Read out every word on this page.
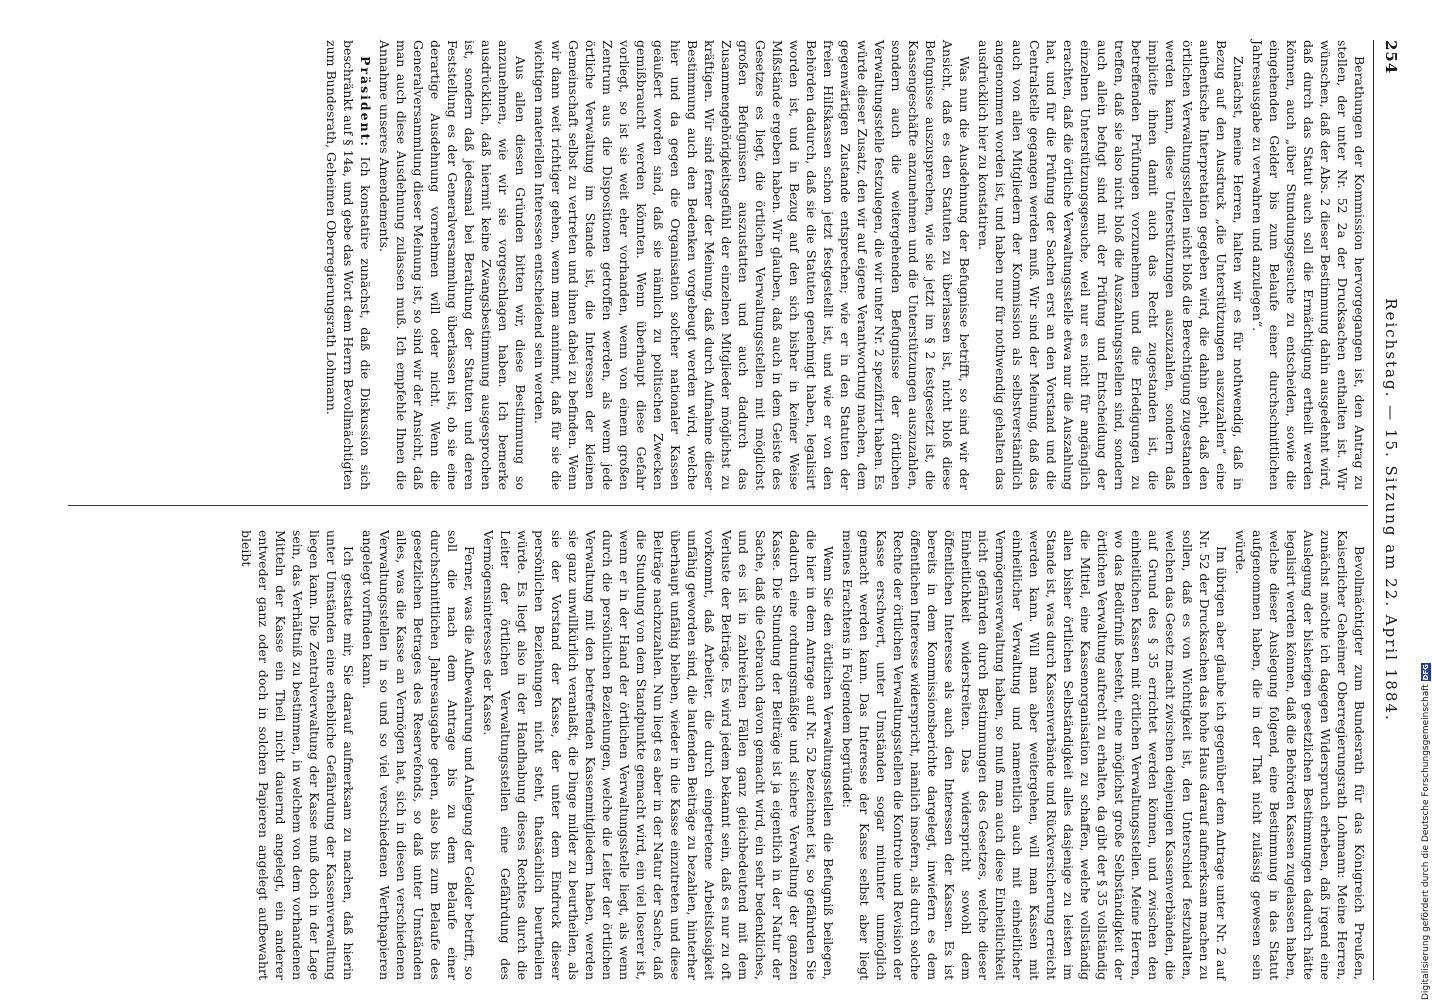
254
Reichstag. — 15. Sitzung am 22. April 1884.

Berathungen der Kommission hervorgegangen ist, den Antrag zu stellen, der unter Nr. 52 2a der Drucksachen enthalten ist. Wir wünschen, daß der Abs. 2 dieser Bestimmung dahin ausgedehnt wird, daß durch das Statut auch soll die Ermächtigung ertheilt werden können, auch „über Stundungsgesuche zu entscheiden, sowie die eingehenden Gelder bis zum Belaufe einer durchschnittlichen Jahresausgabe zu verwahren und anzulegen“.

Zunächst, meine Herren, halten wir es für nothwendig, daß in Bezug auf den Ausdruck „die Unterstützungen auszuzahlen“ eine authentische Interpretation gegeben wird, die dahin geht, daß den örtlichen Verwaltungsstellen nicht bloß die Berechtigung zugestanden werden kann, diese Unterstützungen auszuzahlen, sondern daß implicite ihnen damit auch das Recht zugestanden ist, die betreffenden Prüfungen vorzunehmen und die Erledigungen zu treffen, daß sie also nicht bloß die Auszahlungsstellen sind, sondern auch allein befugt sind mit der Prüfung und Entscheidung der einzelnen Unterstützungsgesuche, weil nur es nicht für angänglich erachten, daß die örtliche Verwaltungsstelle etwa nur die Auszahlung hat, und für die Prüfung der Sachen erst an den Vorstand und die Centralstelle gegangen werden muß. Wir sind der Meinung, daß das auch von allen Mitgliedern der Kommission als selbstverständlich angenommen worden ist, und haben nur für nothwendig gehalten das ausdrücklich hier zu konstatiren.

Was nun die Ausdehnung der Befugnisse betrifft, so sind wir der Ansicht, daß es den Statuten zu überlassen ist, nicht bloß diese Befugnisse auszusprechen, wie sie jetzt im § 2 festgesetzt ist, die Kassengeschäfte anzunehmen und die Unterstützungen auszuzahlen, sondern auch die weitergehenden Befugnisse der örtlichen Verwaltungsstelle festzulegen, die wir unter Nr. 2 spezifizirt haben. Es würde dieser Zusatz, den wir auf eigene Verantwortung machen, dem gegenwärtigen Zustande entsprechen; wie er in den Statuten der freien Hilfskassen schon jetzt festgestellt ist, und wie er von den Behörden dadurch, daß sie die Statuten genehmigt haben, legalisirt worden ist, und in Bezug auf den sich bisher in keiner Weise Mißstände ergeben haben. Wir glauben, daß auch in dem Geiste des Gesetzes es liegt, die örtlichen Verwaltungsstellen mit möglichst großen Befugnissen auszustatten und auch dadurch das Zusammengehörigkeitsgefühl der einzelnen Mitglieder möglichst zu kräftigen. Wir sind ferner der Meinung, daß durch Aufnahme dieser Bestimmung auch den Bedenken vorgebeugt werden wird, welche hier und da gegen die Organisation solcher nationaler Kassen geäußert worden sind, daß sie nämlich zu politischen Zwecken gemißbraucht werden könnten. Wenn überhaupt diese Gefahr vorliegt, so ist sie weit eher vorhanden, wenn von einem großen Zentrum aus die Dispositionen getroffen werden, als wenn jede örtliche Verwaltung im Stande ist, die Interessen der kleinen Gemeinschaft selbst zu vertreten und ihnen dabei zu befinden. Wenn wir dann weit richtiger gehen, wenn man annimmt, daß für sie die wichtigen materiellen Interessen entscheidend sein werden.

Aus allen diesen Gründen bitten wir, diese Bestimmung so anzunehmen, wie wir sie vorgeschlagen haben. Ich bemerke ausdrücklich, daß hiermit keine Zwangsbestimmung ausgesprochen ist, sondern daß jedesmal bei Berathung der Statuten und deren Feststellung es der Generalversammlung überlassen ist, ob sie eine derartige Ausdehnung vornehmen will oder nicht. Wenn die Generalversammlung dieser Meinung ist, so sind wir der Ansicht, daß man auch diese Ausdehnung zulassen muß. Ich empfehle Ihnen die Annahme unseres Amendements.

Präsident: Ich konstatire zunächst, daß die Diskussion sich beschränkt auf § 14a, und gebe das Wort dem Herrn Bevollmächtigten zum Bundesrath, Geheimen Oberregierungsrath Lohmann.

Bevollmächtigter zum Bundesrath für das Königreich Preußen, Kaiserlicher Geheimer Oberregierungsrath Lohmann: Meine Herren, zunächst möchte ich dagegen Widerspruch erheben, daß irgend eine Auslegung der bisherigen gesetzlichen Bestimmungen dadurch hätte legalisirt werden können, daß die Behörden Kassen zugelassen haben, welche dieser Auslegung folgend, eine Bestimmung in das Statut aufgenommen haben, die in der That nicht zulässig gewesen sein würde.

Im übrigen aber glaube ich gegenüber dem Antrage unter Nr. 2 auf Nr. 52 der Drucksachen das hohe Haus darauf aufmerksam machen zu sollen, daß es von Wichtigkeit ist, den Unterschied festzuhalten, welchen das Gesetz macht zwischen denjenigen Kassenverbänden, die auf Grund des § 35 errichtet werden können, und zwischen den einheitlichen Kassen mit örtlichen Verwaltungsstellen. Meine Herren, wo das Bedürfniß besteht, eine möglichst große Selbständigkeit der örtlichen Verwaltung aufrecht zu erhalten, da gibt der § 35 vollständig die Mittel, eine Kassenorganisation zu schaffen, welche vollständig allen bisher örtlichen Selbständigkeit alles dasjenige zu leisten im Stande ist, was durch Kassenverbände und Rückversicherung erreicht werden kann. Will man aber weitergehen, will man Kassen mit einheitlicher Verwaltung und namentlich auch mit einheitlicher Vermögensverwaltung haben, so muß man auch diese Einheitlichkeit nicht gefährden durch Bestimmungen des Gesetzes, welche dieser Einheitlichkeit widerstreiten. Das widerspricht sowohl dem öffentlichen Interesse als auch den Interessen der Kassen. Es ist bereits in dem Kommissionsberichte dargelegt, inwiefern es dem öffentlichen Interesse widerspricht, nämlich insofern, als durch solche Rechte der örtlichen Verwaltungsstellen die Kontrole und Revision der Kasse erschwert, unter Umständen sogar mitunter unmöglich gemacht werden kann. Das Interesse der Kasse selbst aber liegt meines Erachtens in Folgendem begründet:

Wenn Sie den örtlichen Verwaltungsstellen die Befugniß beilegen, die hier in dem Antrage auf Nr. 52 bezeichnet ist, so gefährden Sie dadurch eine ordnungsmäßige und sichere Verwaltung der ganzen Kasse. Die Stundung der Beiträge ist ja eigentlich in der Natur der Sache, daß die Gebrauch davon gemacht wird, ein sehr bedenkliches, und es ist in zahlreichen Fällen ganz gleichbedeutend mit dem Verluste der Beiträge. Es wird jedem bekannt sein, daß es nur zu oft vorkommt, daß Arbeiter, die durch eingetretene Arbeitslosigkeit unfähig geworden sind, die laufenden Beiträge zu bezahlen, hinterher überhaupt unfähig bleiben, wieder in die Kasse einzutreten und diese Beiträge nachzuzahlen. Nun liegt es aber in der Natur der Sache, daß die Stundung von dem Standpunkte gemacht wird, ein viel loserer ist, wenn er in der Hand der örtlichen Verwaltungsstelle liegt, als wenn durch die persönlichen Beziehungen, welche die Leiter der örtlichen Verwaltung mit den betreffenden Kassenmitgliedern haben, werden sie ganz unwillkürlich veranlaßt, die Dinge milder zu beurtheilen, als sie der Vorstand der Kasse, der unter dem Eindruck dieser persönlichen Beziehungen nicht steht, thatsächlich beurtheilen würde. Es liegt also in der Handhabung dieses Rechtes durch die Leiter der örtlichen Verwaltungsstellen eine Gefährdung des Vermögensinteresses der Kasse.

Ferner, was die Aufbewahrung und Anlegung der Gelder betrifft, so soll die nach dem Antrage bis zu dem Belaufe einer durchschnittlichen Jahresausgabe gehen, also bis zum Belaufe des gesetzlichen Betrages des Reservefonds, so daß unter Umständen alles, was die Kasse an Vermögen hat, sich in diesen verschiedenen Verwaltungsstellen in so und so viel verschiedenen Werthpapieren angelegt vorfinden kann.

Ich gestatte mir, Sie darauf aufmerksam zu machen, daß hierin unter Umständen eine erhebliche Gefährdung der Kassenverwaltung liegen kann. Die Zentralverwaltung der Kasse muß doch in der Lage sein, das Verhältniß zu bestimmen, in welchem von dem vorhandenen Mitteln der Kasse ein Theil nicht dauernd angelegt, ein anderer entweder ganz oder doch in solchen Papieren angelegt aufbewahrt bleibt

Digitalisierung gefördert durch die Deutsche Forschungsgemeinschaft
DFG
